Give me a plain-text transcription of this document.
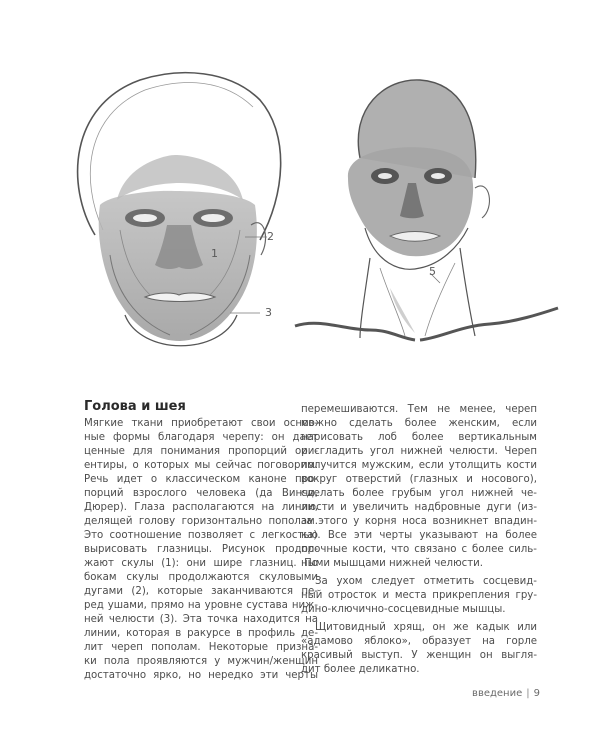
2
1
3
5
Голова и шея
Мягкие ткани приобретают свои основ-
ные формы благодаря черепу: он дает
ценные для понимания пропорций ори-
ентиры, о которых мы сейчас поговорим.
Речь идет о классическом каноне про-
порций взрослого человека (да Винчи,
Дюрер). Глаза располагаются на линии,
делящей голову горизонтально пополам.
Это соотношение позволяет с легкостью
вырисовать глазницы. Рисунок продол-
жают скулы (1): они шире глазниц. По
бокам скулы продолжаются скуловыми
дугами (2), которые заканчиваются пе-
ред ушами, прямо на уровне сустава ниж-
ней челюсти (3). Эта точка находится на
линии, которая в ракурсе в профиль де-
лит череп пополам. Некоторые призна-
ки пола проявляются у мужчин/женщин
достаточно ярко, но нередко эти черты
перемешиваются. Тем не менее, череп
можно сделать более женским, если
нарисовать лоб более вертикальным
и сгладить угол нижней челюсти. Череп
получится мужским, если утолщить кости
вокруг отверстий (глазных и носового),
сделать более грубым угол нижней че-
люсти и увеличить надбровные дуги (из-
за этого у корня носа возникнет впадин-
ка). Все эти черты указывают на более
прочные кости, что связано с более силь-
ными мышцами нижней челюсти.
За ухом следует отметить сосцевид-
ный отросток и места прикрепления гру-
дино-ключично-сосцевидные мышцы.
Щитовидный хрящ, он же кадык или
«адамово яблоко», образует на горле
красивый выступ. У женщин он выгля-
дит более деликатно.
введение | 9
